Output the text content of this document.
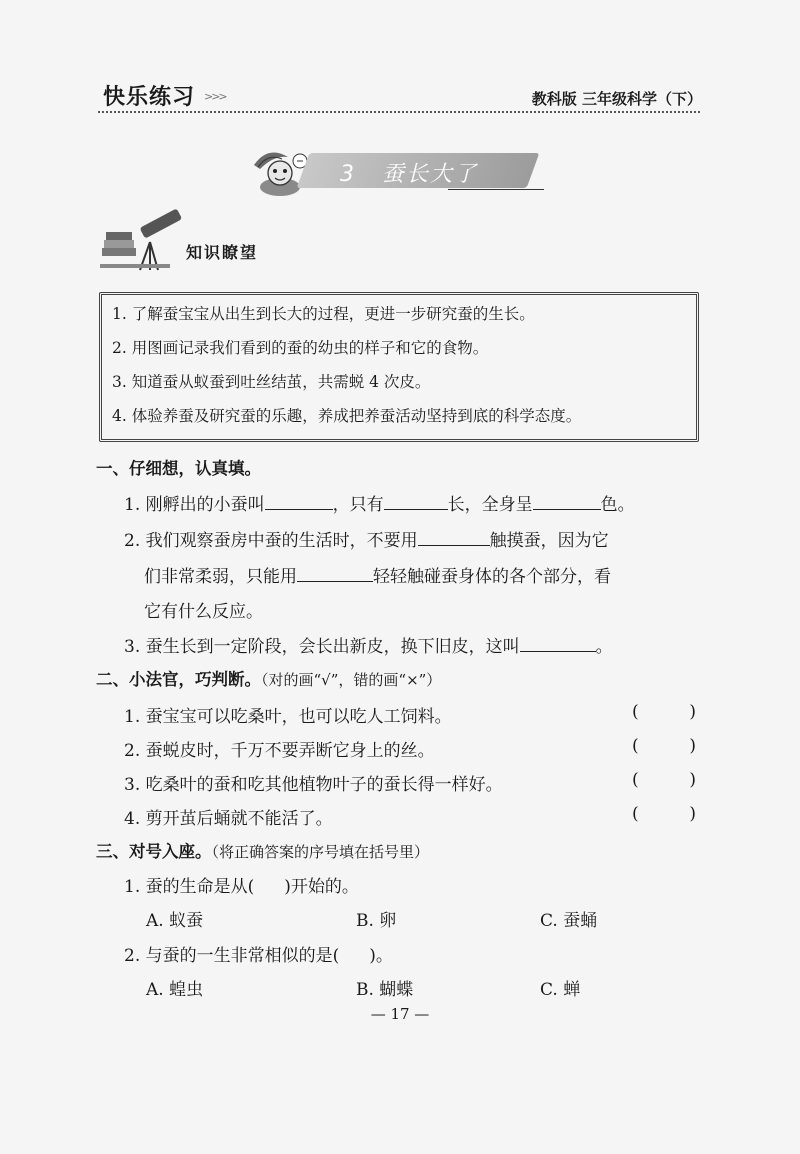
快乐练习 >>>	教科版 三年级科学（下）
3 蚕长大了
知识瞭望
1. 了解蚕宝宝从出生到长大的过程，更进一步研究蚕的生长。
2. 用图画记录我们看到的蚕的幼虫的样子和它的食物。
3. 知道蚕从蚁蚕到吐丝结茧，共需蜕 4 次皮。
4. 体验养蚕及研究蚕的乐趣，养成把养蚕活动坚持到底的科学态度。
一、仔细想，认真填。
1. 刚孵出的小蚕叫	，只有	长，全身呈	色。
2. 我们观察蚕房中蚕的生活时，不要用	触摸蚕，因为它
们非常柔弱，只能用	轻轻触碰蚕身体的各个部分，看
它有什么反应。
3. 蚕生长到一定阶段，会长出新皮，换下旧皮，这叫	。
二、小法官，巧判断。（对的画“√”，错的画“×”）
1. 蚕宝宝可以吃桑叶，也可以吃人工饲料。	(	)
2. 蚕蜕皮时，千万不要弄断它身上的丝。	(	)
3. 吃桑叶的蚕和吃其他植物叶子的蚕长得一样好。	(	)
4. 剪开茧后蛹就不能活了。	(	)
三、对号入座。（将正确答案的序号填在括号里）
1. 蚕的生命是从( )开始的。
A. 蚁蚕	B. 卵	C. 蚕蛹
2. 与蚕的一生非常相似的是( )。
A. 蝗虫	B. 蝴蝶	C. 蝉
— 17 —
